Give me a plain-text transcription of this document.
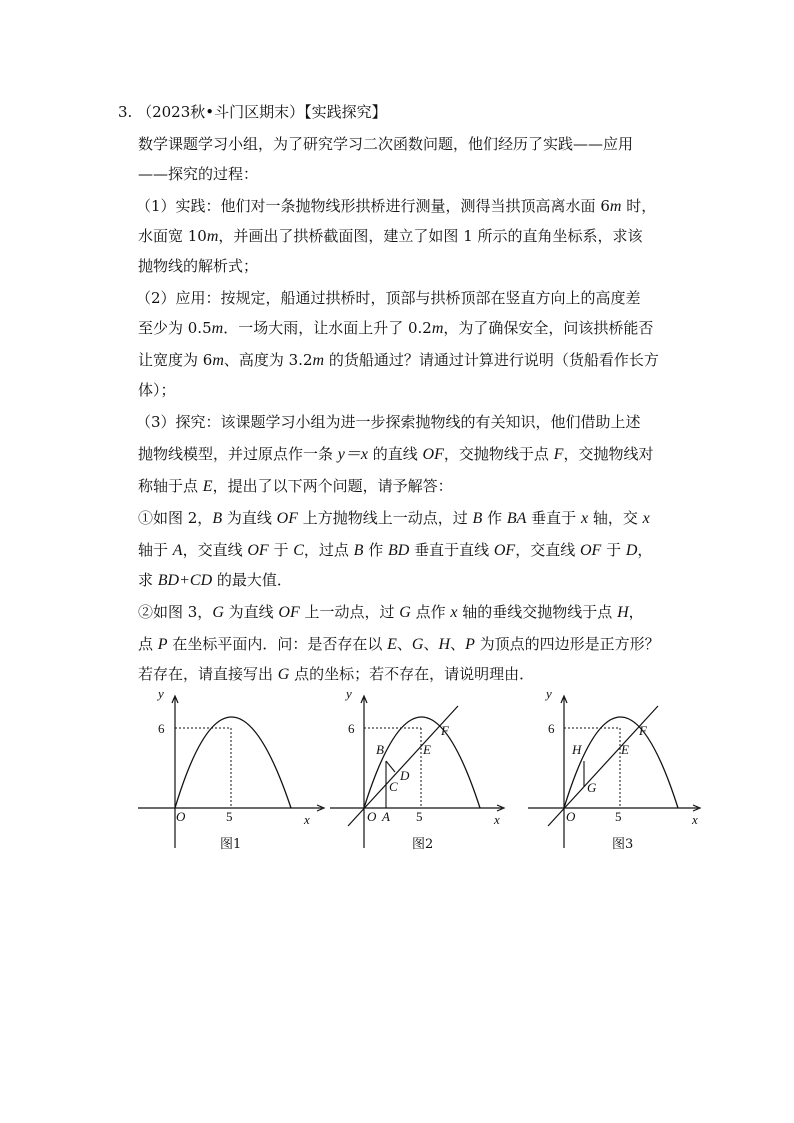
3. （2023秋•斗门区期末）【实践探究】
数学课题学习小组，为了研究学习二次函数问题，他们经历了实践——应用
——探究的过程：
（1）实践：他们对一条抛物线形拱桥进行测量，测得当拱顶高离水面 6m 时，
水面宽 10m，并画出了拱桥截面图，建立了如图 1 所示的直角坐标系，求该
抛物线的解析式；
（2）应用：按规定，船通过拱桥时，顶部与拱桥顶部在竖直方向上的高度差
至少为 0.5m．一场大雨，让水面上升了 0.2m，为了确保安全，问该拱桥能否
让宽度为 6m、高度为 3.2m 的货船通过？请通过计算进行说明（货船看作长方
体）；
（3）探究：该课题学习小组为进一步探索抛物线的有关知识，他们借助上述
抛物线模型，并过原点作一条 y＝x 的直线 OF，交抛物线于点 F，交抛物线对
称轴于点 E，提出了以下两个问题，请予解答：
①如图 2，B 为直线 OF 上方抛物线上一动点，过 B 作 BA 垂直于 x 轴，交 x
轴于 A，交直线 OF 于 C，过点 B 作 BD 垂直于直线 OF，交直线 OF 于 D，
求 BD+CD 的最大值．
②如图 3，G 为直线 OF 上一动点，过 G 点作 x 轴的垂线交抛物线于点 H，
点 P 在坐标平面内．问：是否存在以 E、G、H、P 为顶点的四边形是正方形？
若存在，请直接写出 G 点的坐标；若不存在，请说明理由．
y
x
O
6
5
图1
y
x
O A
6
5
B
C
D
E
F
图2
y
x
O
6
5
H
G
E
F
图3
